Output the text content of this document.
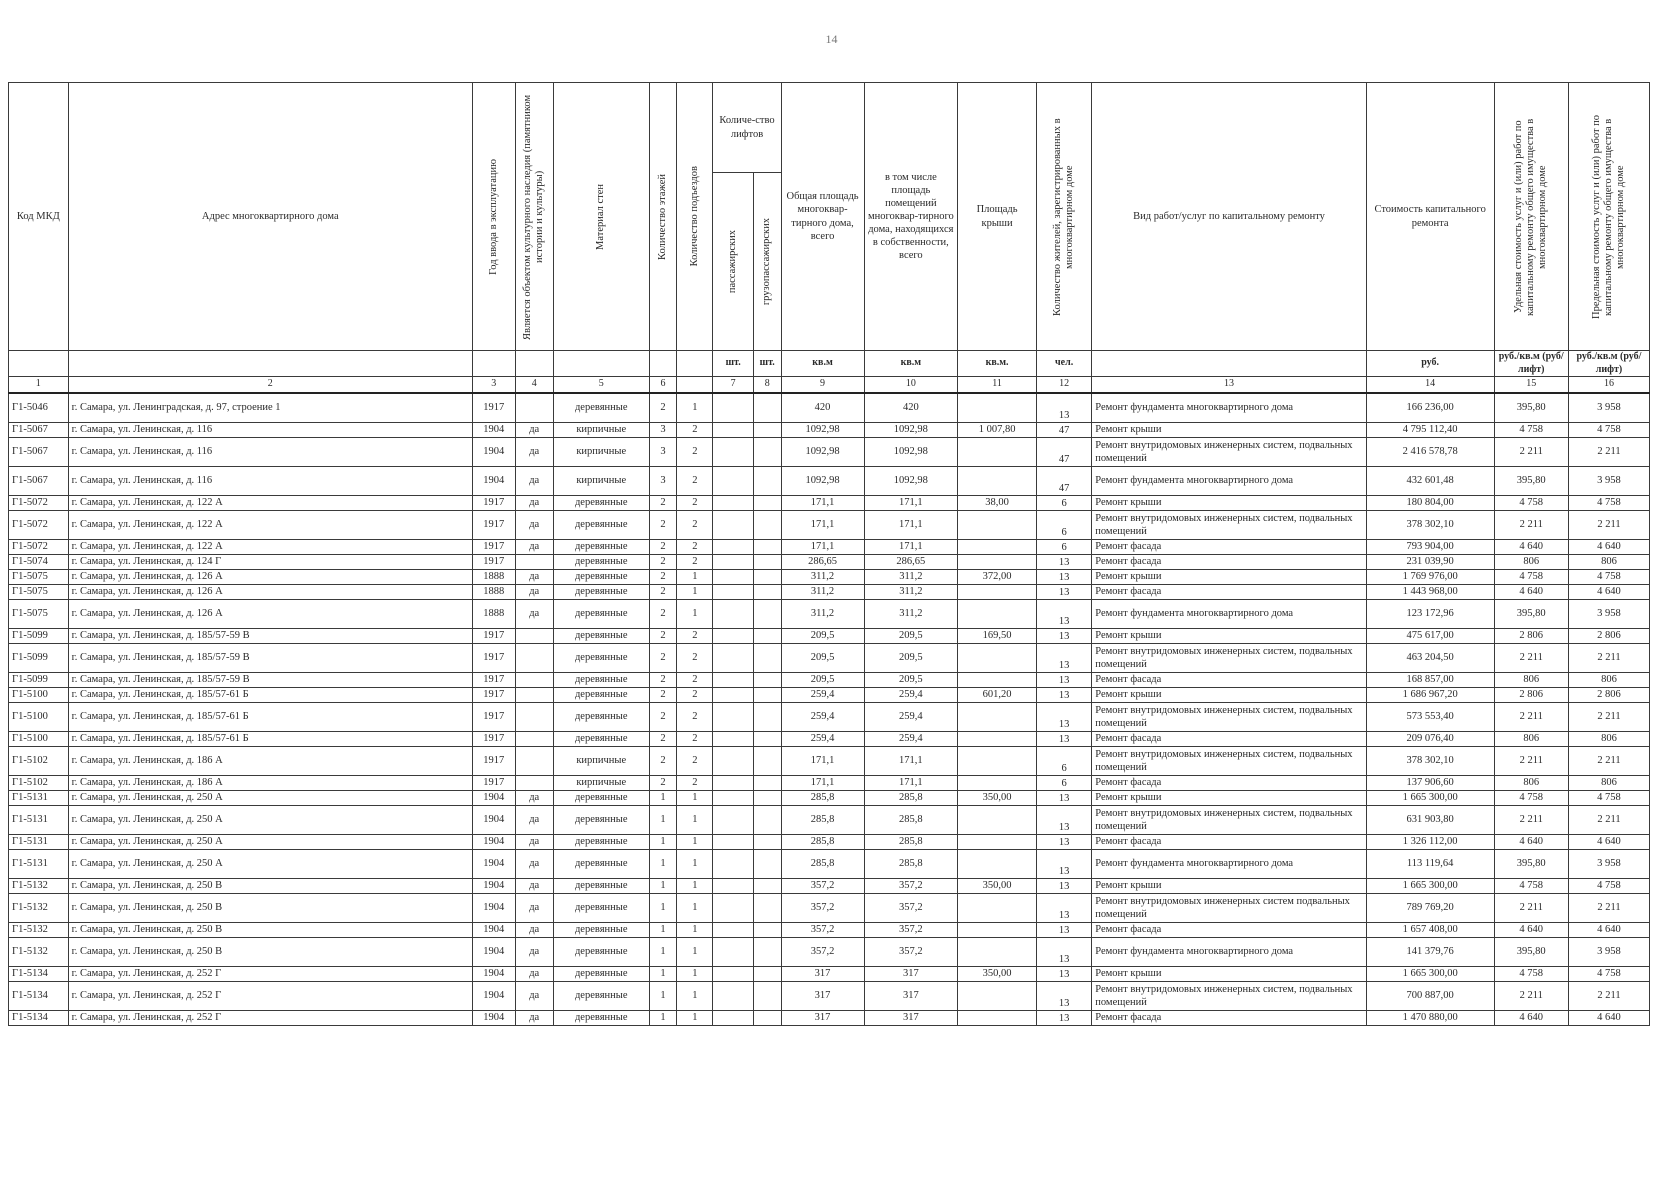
14
Код МКД	Адрес многоквартирного дома	Год ввода в эксплуатацию	Является объектом культурного наследия (памятником истории и культуры)	Материал стен	Количество этажей	Количество подъездов	Количе-ство лифтов		Общая площадь многоквар-тирного дома, всего	в том числе площадь помещений многоквар-тирного дома, находящихся в собственности, всего	Площадь крыши	Количество жителей, зарегистрированных в многоквартирном доме	Вид работ/услуг по капитальному ремонту	Стоимость капитального ремонта	Удельная стоимость услуг и (или) работ по капитальному ремонту общего имущества в многоквартирном доме	Предельная стоимость услуг и (или) работ по капитальному ремонту общего имущества в многоквартирном доме

							пассажирских	грузопассажирских								

							шт.	шт.	кв.м	кв.м	кв.м.	чел.		руб.	руб./кв.м (руб/лифт)	руб./кв.м (руб/лифт)
1	2	3	4	5	6		7	8	9	10	11	12	13	14	15	16
Г1-5046	г. Самара, ул. Ленинградская, д. 97, строение 1	1917		деревянные	2	1			420	420		13	Ремонт фундамента многоквартирного дома	166 236,00	395,80	3 958
Г1-5067	г. Самара, ул. Ленинская, д. 116	1904	да	кирпичные	3	2			1092,98	1092,98	1 007,80	47	Ремонт крыши	4 795 112,40	4 758	4 758
Г1-5067	г. Самара, ул. Ленинская, д. 116	1904	да	кирпичные	3	2			1092,98	1092,98		47	Ремонт внутридомовых инженерных систем, подвальных помещений	2 416 578,78	2 211	2 211
Г1-5067	г. Самара, ул. Ленинская, д. 116	1904	да	кирпичные	3	2			1092,98	1092,98		47	Ремонт фундамента многоквартирного дома	432 601,48	395,80	3 958
Г1-5072	г. Самара, ул. Ленинская, д. 122 А	1917	да	деревянные	2	2			171,1	171,1	38,00	6	Ремонт крыши	180 804,00	4 758	4 758
Г1-5072	г. Самара, ул. Ленинская, д. 122 А	1917	да	деревянные	2	2			171,1	171,1		6	Ремонт внутридомовых инженерных систем, подвальных помещений	378 302,10	2 211	2 211
Г1-5072	г. Самара, ул. Ленинская, д. 122 А	1917	да	деревянные	2	2			171,1	171,1		6	Ремонт фасада	793 904,00	4 640	4 640
Г1-5074	г. Самара, ул. Ленинская, д. 124 Г	1917		деревянные	2	2			286,65	286,65		13	Ремонт фасада	231 039,90	806	806
Г1-5075	г. Самара, ул. Ленинская, д. 126 А	1888	да	деревянные	2	1			311,2	311,2	372,00	13	Ремонт крыши	1 769 976,00	4 758	4 758
Г1-5075	г. Самара, ул. Ленинская, д. 126 А	1888	да	деревянные	2	1			311,2	311,2		13	Ремонт фасада	1 443 968,00	4 640	4 640
Г1-5075	г. Самара, ул. Ленинская, д. 126 А	1888	да	деревянные	2	1			311,2	311,2		13	Ремонт фундамента многоквартирного дома	123 172,96	395,80	3 958
Г1-5099	г. Самара, ул. Ленинская, д. 185/57-59 В	1917		деревянные	2	2			209,5	209,5	169,50	13	Ремонт крыши	475 617,00	2 806	2 806
Г1-5099	г. Самара, ул. Ленинская, д. 185/57-59 В	1917		деревянные	2	2			209,5	209,5		13	Ремонт внутридомовых инженерных систем, подвальных помещений	463 204,50	2 211	2 211
Г1-5099	г. Самара, ул. Ленинская, д. 185/57-59 В	1917		деревянные	2	2			209,5	209,5		13	Ремонт фасада	168 857,00	806	806
Г1-5100	г. Самара, ул. Ленинская, д. 185/57-61 Б	1917		деревянные	2	2			259,4	259,4	601,20	13	Ремонт крыши	1 686 967,20	2 806	2 806
Г1-5100	г. Самара, ул. Ленинская, д. 185/57-61 Б	1917		деревянные	2	2			259,4	259,4		13	Ремонт внутридомовых инженерных систем, подвальных помещений	573 553,40	2 211	2 211
Г1-5100	г. Самара, ул. Ленинская, д. 185/57-61 Б	1917		деревянные	2	2			259,4	259,4		13	Ремонт фасада	209 076,40	806	806
Г1-5102	г. Самара, ул. Ленинская, д. 186 А	1917		кирпичные	2	2			171,1	171,1		6	Ремонт внутридомовых инженерных систем, подвальных помещений	378 302,10	2 211	2 211
Г1-5102	г. Самара, ул. Ленинская, д. 186 А	1917		кирпичные	2	2			171,1	171,1		6	Ремонт фасада	137 906,60	806	806
Г1-5131	г. Самара, ул. Ленинская, д. 250 А	1904	да	деревянные	1	1			285,8	285,8	350,00	13	Ремонт крыши	1 665 300,00	4 758	4 758
Г1-5131	г. Самара, ул. Ленинская, д. 250 А	1904	да	деревянные	1	1			285,8	285,8		13	Ремонт внутридомовых инженерных систем, подвальных помещений	631 903,80	2 211	2 211
Г1-5131	г. Самара, ул. Ленинская, д. 250 А	1904	да	деревянные	1	1			285,8	285,8		13	Ремонт фасада	1 326 112,00	4 640	4 640
Г1-5131	г. Самара, ул. Ленинская, д. 250 А	1904	да	деревянные	1	1			285,8	285,8		13	Ремонт фундамента многоквартирного дома	113 119,64	395,80	3 958
Г1-5132	г. Самара, ул. Ленинская, д. 250 В	1904	да	деревянные	1	1			357,2	357,2	350,00	13	Ремонт крыши	1 665 300,00	4 758	4 758
Г1-5132	г. Самара, ул. Ленинская, д. 250 В	1904	да	деревянные	1	1			357,2	357,2		13	Ремонт внутридомовых инженерных систем подвальных помещений	789 769,20	2 211	2 211
Г1-5132	г. Самара, ул. Ленинская, д. 250 В	1904	да	деревянные	1	1			357,2	357,2		13	Ремонт фасада	1 657 408,00	4 640	4 640
Г1-5132	г. Самара, ул. Ленинская, д. 250 В	1904	да	деревянные	1	1			357,2	357,2		13	Ремонт фундамента многоквартирного дома	141 379,76	395,80	3 958
Г1-5134	г. Самара, ул. Ленинская, д. 252 Г	1904	да	деревянные	1	1			317	317	350,00	13	Ремонт крыши	1 665 300,00	4 758	4 758
Г1-5134	г. Самара, ул. Ленинская, д. 252 Г	1904	да	деревянные	1	1			317	317		13	Ремонт внутридомовых инженерных систем, подвальных помещений	700 887,00	2 211	2 211
Г1-5134	г. Самара, ул. Ленинская, д. 252 Г	1904	да	деревянные	1	1			317	317		13	Ремонт фасада	1 470 880,00	4 640	4 640
